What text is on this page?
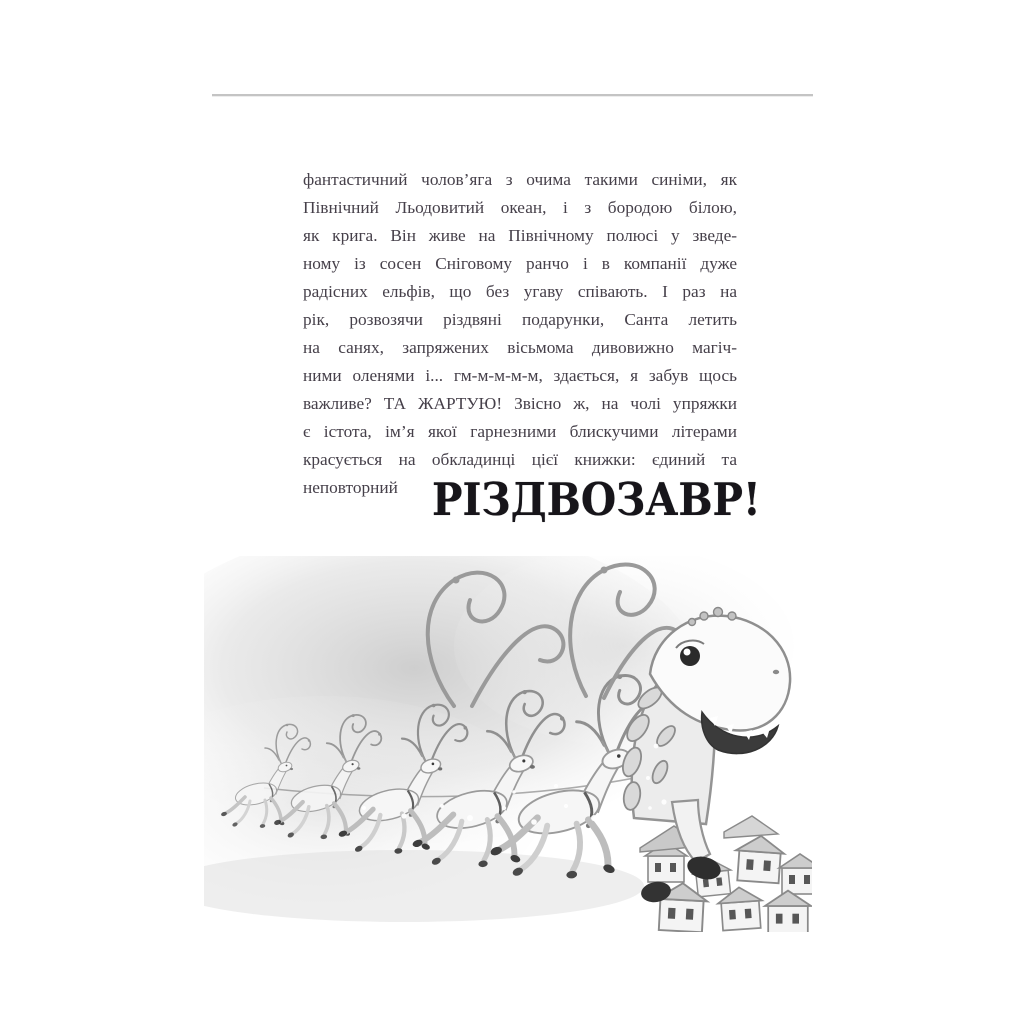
фантастичний чолов’яга з очима такими синіми, як
Північний Льодовитий океан, і з бородою білою,
як крига. Він живе на Північному полюсі у зведе-
ному із сосен Сніговому ранчо і в компанії дуже
радісних ельфів, що без угаву співають. І раз на
рік, розвозячи різдвяні подарунки, Санта летить
на санях, запряжених вісьмома дивовижно магіч-
ними оленями і... гм-м-м-м-м, здається, я забув щось
важливе? ТА ЖАРТУЮ! Звісно ж, на чолі упряжки
є істота, ім’я якої гарнезними блискучими літерами
красується на обкладинці цієї книжки: єдиний та
неповторний РІЗДВОЗАВР!
